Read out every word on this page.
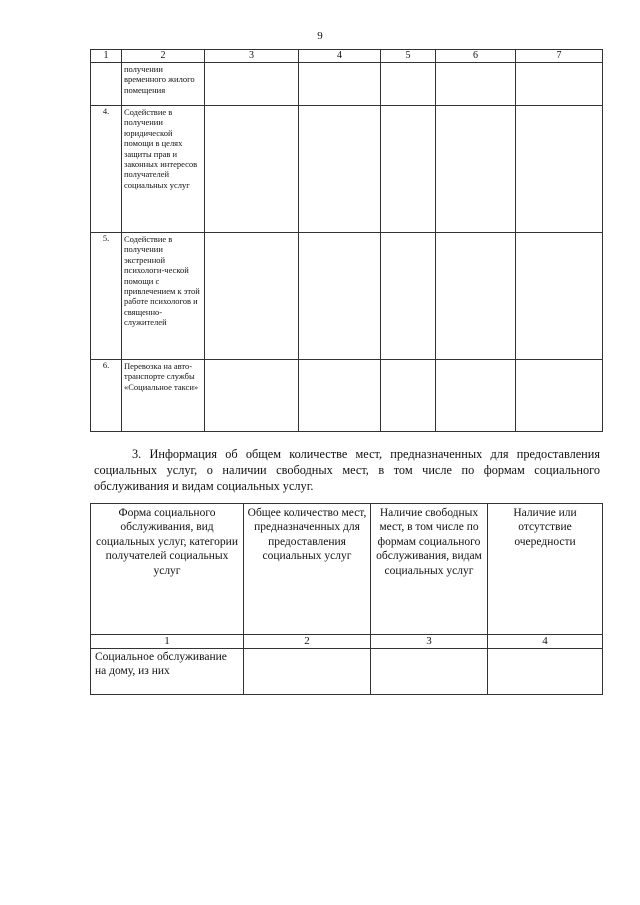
9
1	2	3	4	5	6	7
	получении временного жилого помещения					
4.	Содействие в получении юридической помощи в целях защиты прав и законных интересов получателей социальных услуг					
5.	Содействие в получении экстренной психологи-ческой помощи с привлечением к этой работе психологов и священно-служителей					
6.	Перевозка на авто-транспорте службы «Социальное такси»					
3. Информация об общем количестве мест, предназначенных для предоставления социальных услуг, о наличии свободных мест, в том числе по формам социального обслуживания и видам социальных услуг.
Форма социального обслуживания, вид социальных услуг, категории получателей социальных услуг	Общее количество мест, предназначенных для предоставления социальных услуг	Наличие свободных мест, в том числе по формам социального обслуживания, видам социальных услуг	Наличие или отсутствие очередности
1	2	3	4
Социальное обслуживание на дому, из них			
